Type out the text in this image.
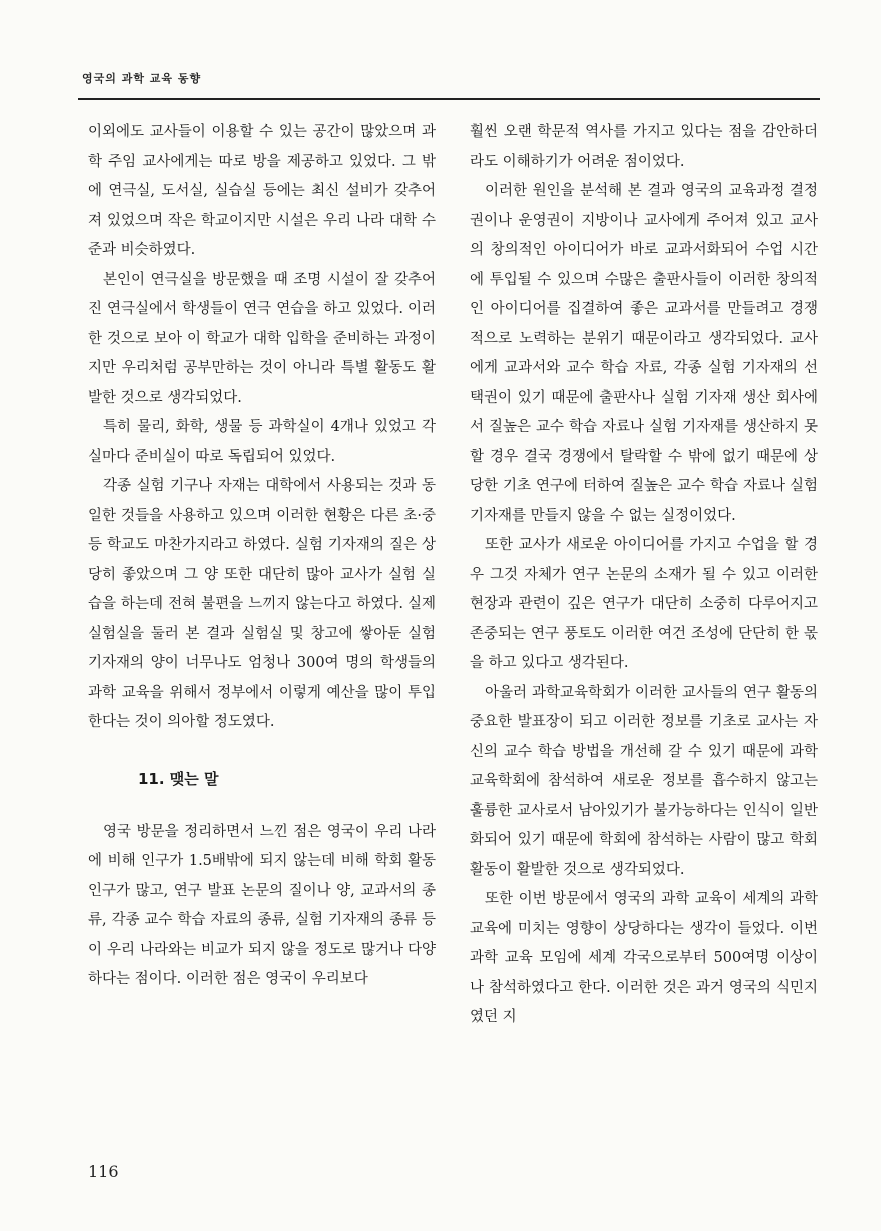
영국의 과학 교육 동향

이외에도 교사들이 이용할 수 있는 공간이 많았으며 과학 주임 교사에게는 따로 방을 제공하고 있었다. 그 밖에 연극실, 도서실, 실습실 등에는 최신 설비가 갖추어져 있었으며 작은 학교이지만 시설은 우리 나라 대학 수준과 비슷하였다.

본인이 연극실을 방문했을 때 조명 시설이 잘 갖추어진 연극실에서 학생들이 연극 연습을 하고 있었다. 이러한 것으로 보아 이 학교가 대학 입학을 준비하는 과정이지만 우리처럼 공부만하는 것이 아니라 특별 활동도 활발한 것으로 생각되었다.

특히 물리, 화학, 생물 등 과학실이 4개나 있었고 각실마다 준비실이 따로 독립되어 있었다.

각종 실험 기구나 자재는 대학에서 사용되는 것과 동일한 것들을 사용하고 있으며 이러한 현황은 다른 초·중등 학교도 마찬가지라고 하였다. 실험 기자재의 질은 상당히 좋았으며 그 양 또한 대단히 많아 교사가 실험 실습을 하는데 전혀 불편을 느끼지 않는다고 하였다. 실제 실험실을 둘러 본 결과 실험실 및 창고에 쌓아둔 실험 기자재의 양이 너무나도 엄청나 300여 명의 학생들의 과학 교육을 위해서 정부에서 이렇게 예산을 많이 투입한다는 것이 의아할 정도였다.

11. 맺는 말

영국 방문을 정리하면서 느낀 점은 영국이 우리 나라에 비해 인구가 1.5배밖에 되지 않는데 비해 학회 활동 인구가 많고, 연구 발표 논문의 질이나 양, 교과서의 종류, 각종 교수 학습 자료의 종류, 실험 기자재의 종류 등이 우리 나라와는 비교가 되지 않을 정도로 많거나 다양하다는 점이다. 이러한 점은 영국이 우리보다

훨씬 오랜 학문적 역사를 가지고 있다는 점을 감안하더라도 이해하기가 어려운 점이었다.

이러한 원인을 분석해 본 결과 영국의 교육과정 결정권이나 운영권이 지방이나 교사에게 주어져 있고 교사의 창의적인 아이디어가 바로 교과서화되어 수업 시간에 투입될 수 있으며 수많은 출판사들이 이러한 창의적인 아이디어를 집결하여 좋은 교과서를 만들려고 경쟁적으로 노력하는 분위기 때문이라고 생각되었다. 교사에게 교과서와 교수 학습 자료, 각종 실험 기자재의 선택권이 있기 때문에 출판사나 실험 기자재 생산 회사에서 질높은 교수 학습 자료나 실험 기자재를 생산하지 못할 경우 결국 경쟁에서 탈락할 수 밖에 없기 때문에 상당한 기초 연구에 터하여 질높은 교수 학습 자료나 실험 기자재를 만들지 않을 수 없는 실정이었다.

또한 교사가 새로운 아이디어를 가지고 수업을 할 경우 그것 자체가 연구 논문의 소재가 될 수 있고 이러한 현장과 관련이 깊은 연구가 대단히 소중히 다루어지고 존중되는 연구 풍토도 이러한 여건 조성에 단단히 한 몫을 하고 있다고 생각된다.

아울러 과학교육학회가 이러한 교사들의 연구 활동의 중요한 발표장이 되고 이러한 정보를 기초로 교사는 자신의 교수 학습 방법을 개선해 갈 수 있기 때문에 과학교육학회에 참석하여 새로운 정보를 흡수하지 않고는 훌륭한 교사로서 남아있기가 불가능하다는 인식이 일반화되어 있기 때문에 학회에 참석하는 사람이 많고 학회 활동이 활발한 것으로 생각되었다.

또한 이번 방문에서 영국의 과학 교육이 세계의 과학 교육에 미치는 영향이 상당하다는 생각이 들었다. 이번 과학 교육 모임에 세계 각국으로부터 500여명 이상이나 참석하였다고 한다. 이러한 것은 과거 영국의 식민지였던 지

116
